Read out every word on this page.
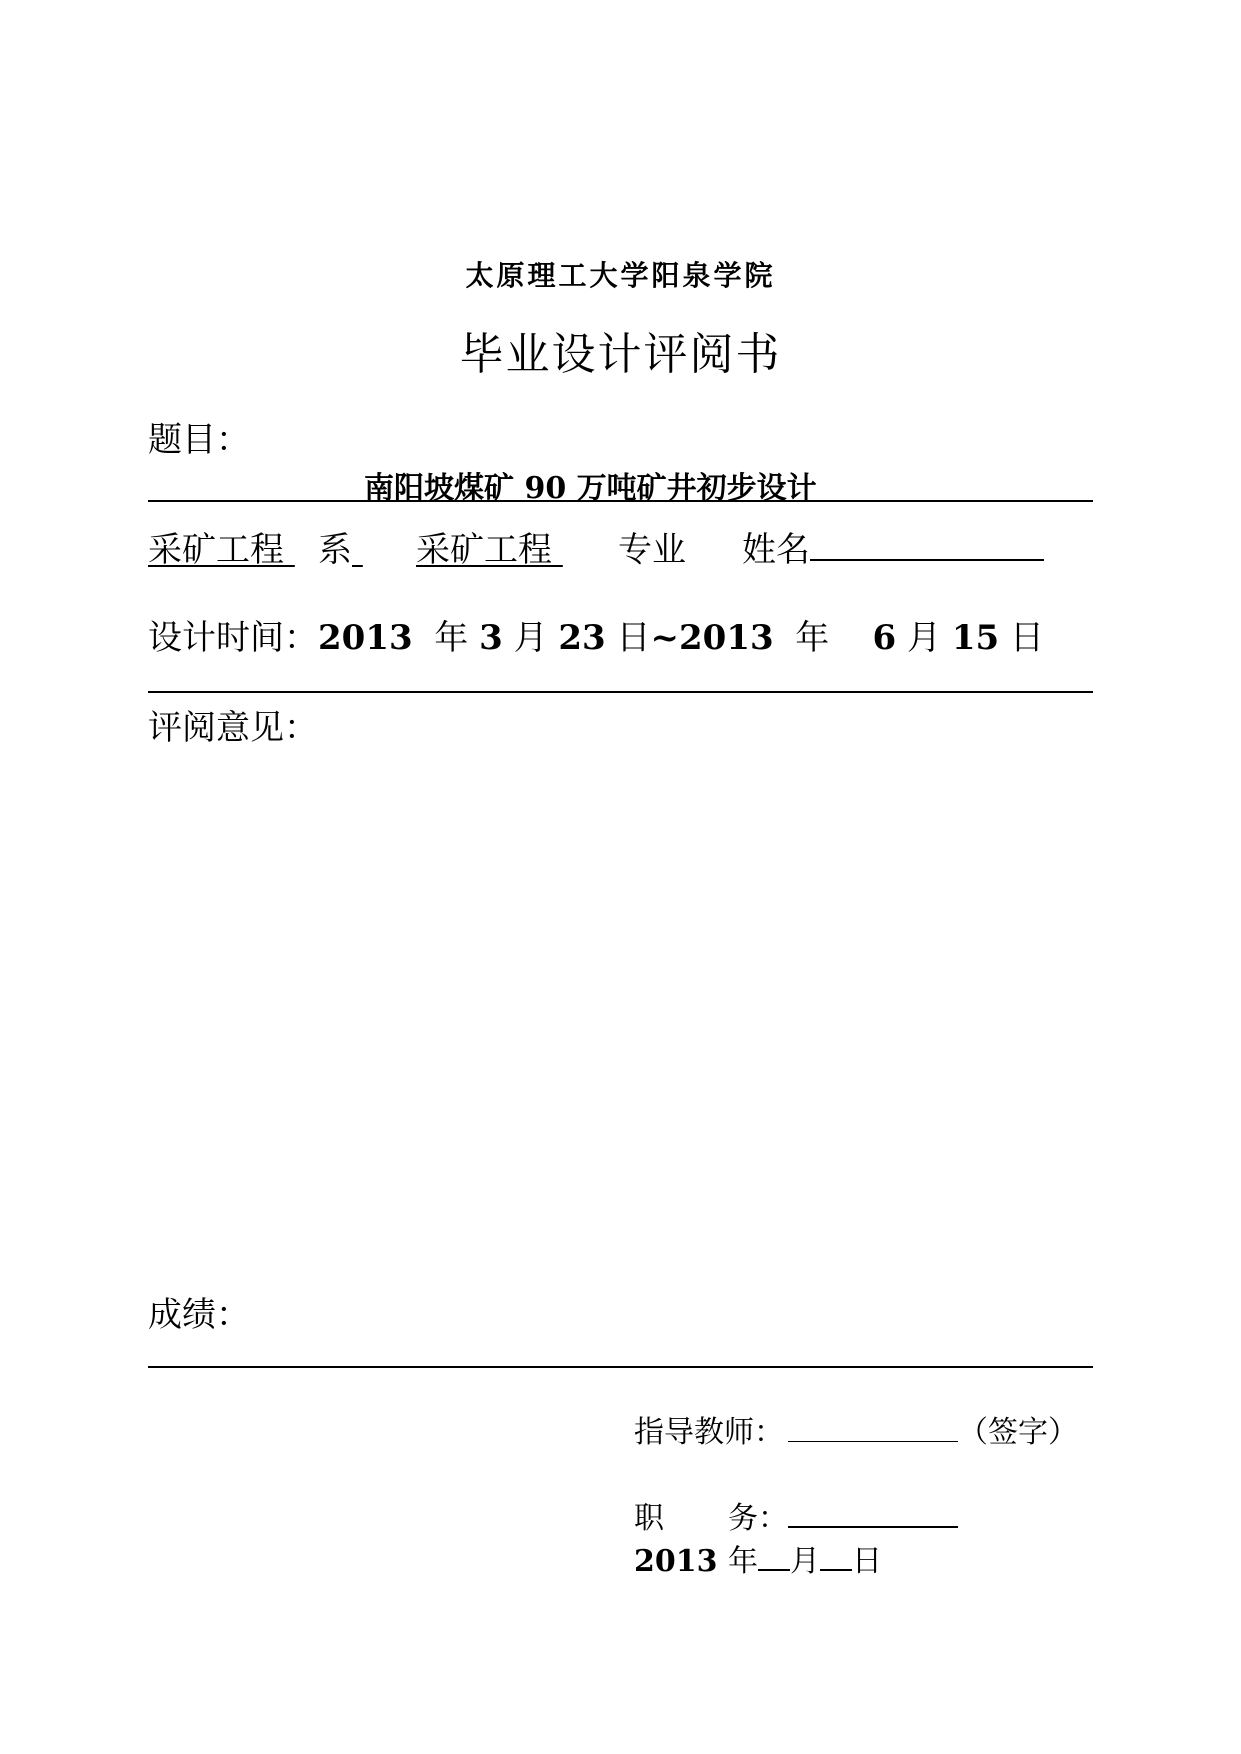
太原理工大学阳泉学院
毕业设计评阅书
题目：
南阳坡煤矿 90 万吨矿井初步设计
采矿工程 系 采矿工程 专业 姓名
设计时间：2013 年 3 月 23 日~2013 年 6 月 15 日
评阅意见：
成绩：
指导教师：	（签字）
职 务：
2013 年 月 日
